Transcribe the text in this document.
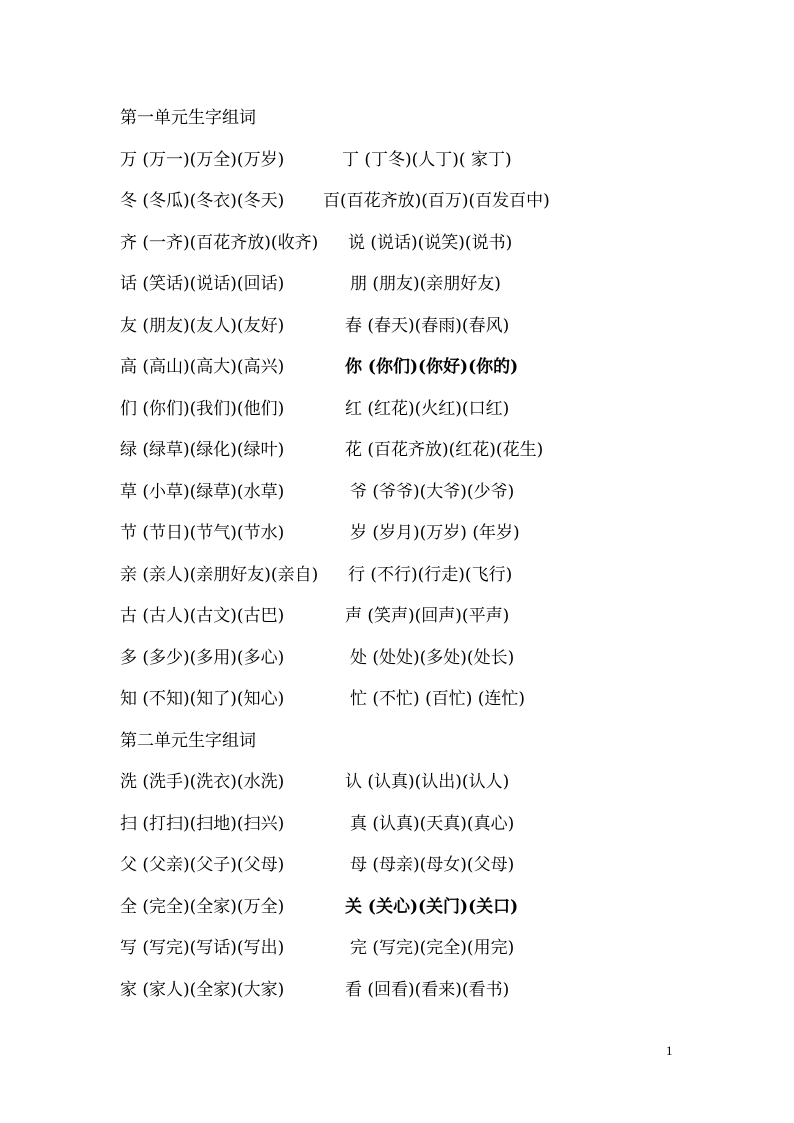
第一单元生字组词
万 (万一)(万全)(万岁)	丁 (丁冬)(人丁)( 家丁)
冬 (冬瓜)(冬衣)(冬天) 百(百花齐放)(百万)(百发百中)
齐 (一齐)(百花齐放)(收齐) 说 (说话)(说笑)(说书)
话 (笑话)(说话)(回话)	朋 (朋友)(亲朋好友)
友 (朋友)(友人)(友好)	春 (春天)(春雨)(春风)
高 (高山)(高大)(高兴)	你 (你们)(你好)(你的)
们 (你们)(我们)(他们)	红 (红花)(火红)(口红)
绿 (绿草)(绿化)(绿叶)	花 (百花齐放)(红花)(花生)
草 (小草)(绿草)(水草)	爷 (爷爷)(大爷)(少爷)
节 (节日)(节气)(节水)	岁 (岁月)(万岁) (年岁)
亲 (亲人)(亲朋好友)(亲自) 行 (不行)(行走)(飞行)
古 (古人)(古文)(古巴)	声 (笑声)(回声)(平声)
多 (多少)(多用)(多心)	处 (处处)(多处)(处长)
知 (不知)(知了)(知心)	忙 (不忙) (百忙) (连忙)
第二单元生字组词
洗 (洗手)(洗衣)(水洗)	认 (认真)(认出)(认人)
扫 (打扫)(扫地)(扫兴)	真 (认真)(天真)(真心)
父 (父亲)(父子)(父母)	母 (母亲)(母女)(父母)
全 (完全)(全家)(万全)	关 (关心)(关门)(关口)
写 (写完)(写话)(写出)	完 (写完)(完全)(用完)
家 (家人)(全家)(大家)	看 (回看)(看来)(看书)
1
